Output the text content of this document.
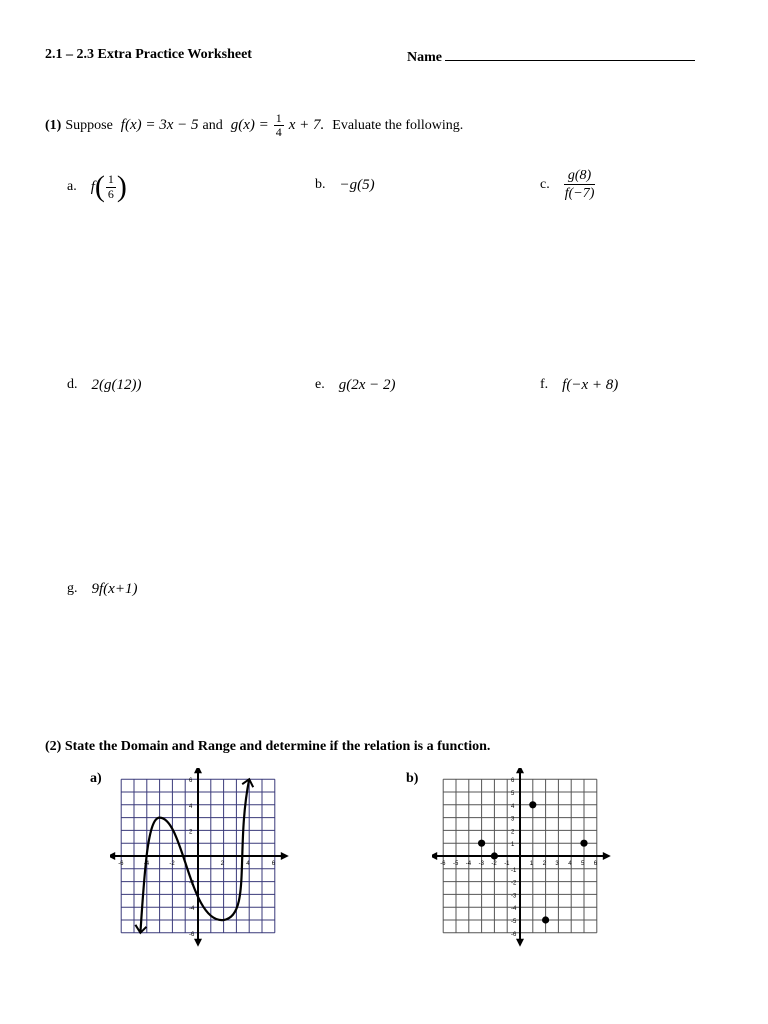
2.1 – 2.3 Extra Practice Worksheet	Name
(1) Suppose f(x) = 3x − 5 and $g(x) = \frac{1}{4}$ x + 7. Evaluate the following.
a. f ( $\frac{1}{6}$ )	b. −g(5)	c. $\frac{g(8)}{f(-7)}$
d. 2(g(12))	e. g(2x − 2)	f. f(−x + 8)
g. 9f(x+1)
(2) State the Domain and Range and determine if the relation is a function.
a)	b)
-6	-4	-2	2	4	6
6
4
2
-2
-4
-6
-6 -5 -4 -3 -2 -1	1 2 3 4 5 6
6
5
4
3
2
1
-1
-2
-3
-4
-5
-6
